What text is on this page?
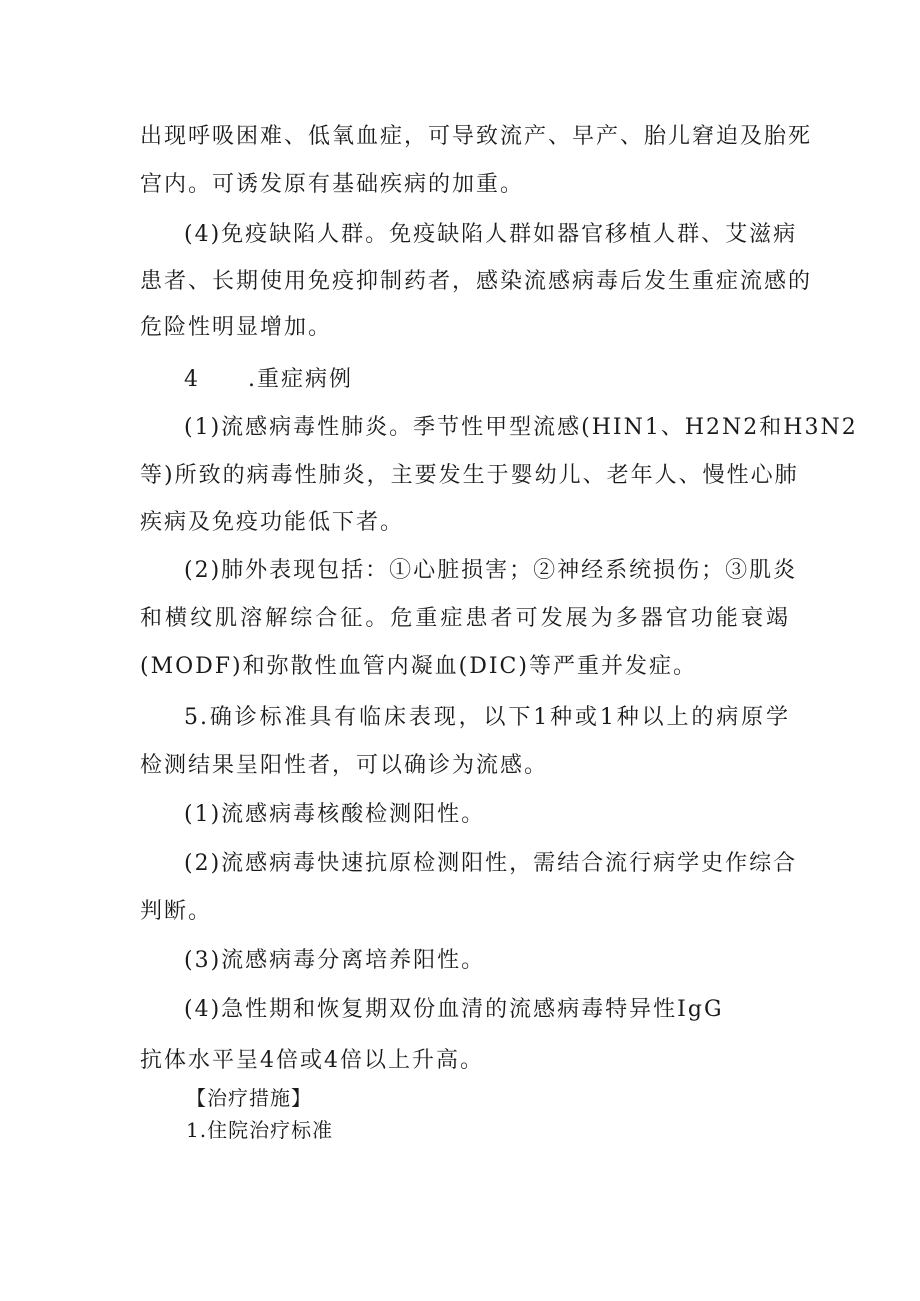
出现呼吸困难、低氧血症，可导致流产、早产、胎儿窘迫及胎死
宫内。可诱发原有基础疾病的加重。
(4)免疫缺陷人群。免疫缺陷人群如器官移植人群、艾滋病
患者、长期使用免疫抑制药者，感染流感病毒后发生重症流感的
危险性明显增加。
4　　.重症病例
(1)流感病毒性肺炎。季节性甲型流感(HIN1、H2N2和H3N2
等)所致的病毒性肺炎，主要发生于婴幼儿、老年人、慢性心肺
疾病及免疫功能低下者。
(2)肺外表现包括：①心脏损害；②神经系统损伤；③肌炎
和横纹肌溶解综合征。危重症患者可发展为多器官功能衰竭
(MODF)和弥散性血管内凝血(DIC)等严重并发症。
5.确诊标准具有临床表现，以下1种或1种以上的病原学
检测结果呈阳性者，可以确诊为流感。
(1)流感病毒核酸检测阳性。
(2)流感病毒快速抗原检测阳性，需结合流行病学史作综合
判断。
(3)流感病毒分离培养阳性。
(4)急性期和恢复期双份血清的流感病毒特异性IgG
抗体水平呈4倍或4倍以上升高。
【治疗措施】
1.住院治疗标准
